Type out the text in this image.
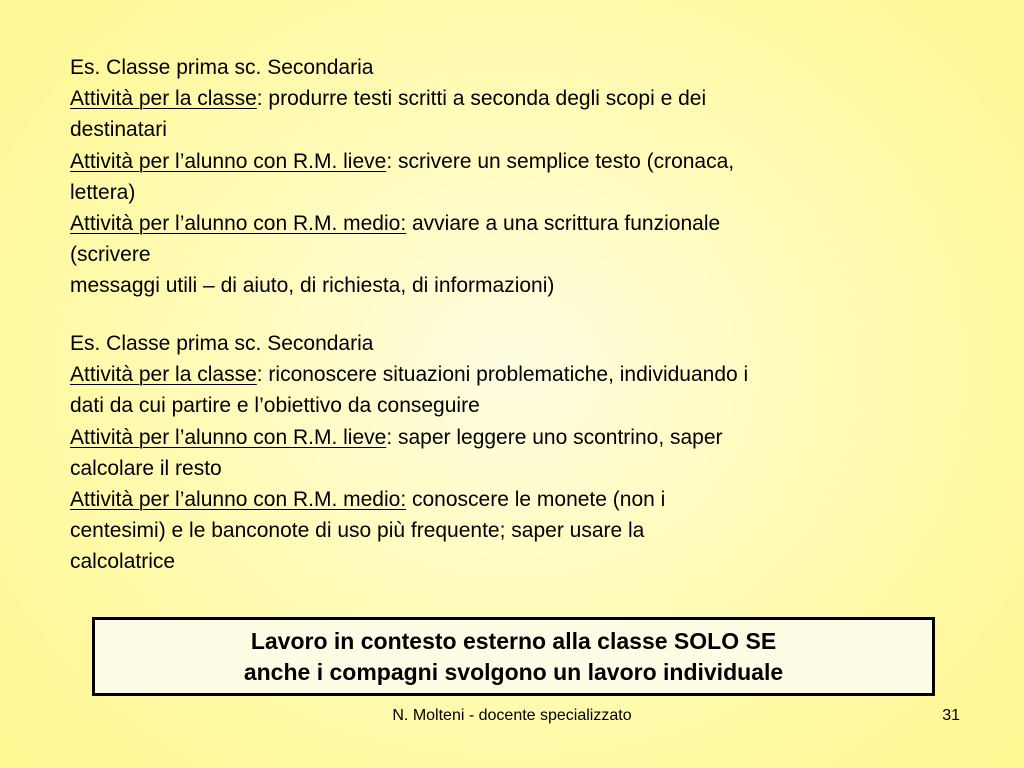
Es. Classe prima sc. Secondaria
Attività per la classe: produrre testi scritti a seconda degli scopi e dei
destinatari
Attività per l’alunno con R.M. lieve: scrivere un semplice testo (cronaca,
lettera)
Attività per l’alunno con R.M. medio: avviare a una scrittura funzionale
(scrivere
messaggi utili – di aiuto, di richiesta, di informazioni)
Es. Classe prima sc. Secondaria
Attività per la classe: riconoscere situazioni problematiche, individuando i
dati da cui partire e l’obiettivo da conseguire
Attività per l’alunno con R.M. lieve: saper leggere uno scontrino, saper
calcolare il resto
Attività per l’alunno con R.M. medio: conoscere le monete (non i
centesimi) e le banconote di uso più frequente; saper usare la
calcolatrice
Lavoro in contesto esterno alla classe SOLO SE
anche i compagni svolgono un lavoro individuale
N. Molteni - docente specializzato	31
